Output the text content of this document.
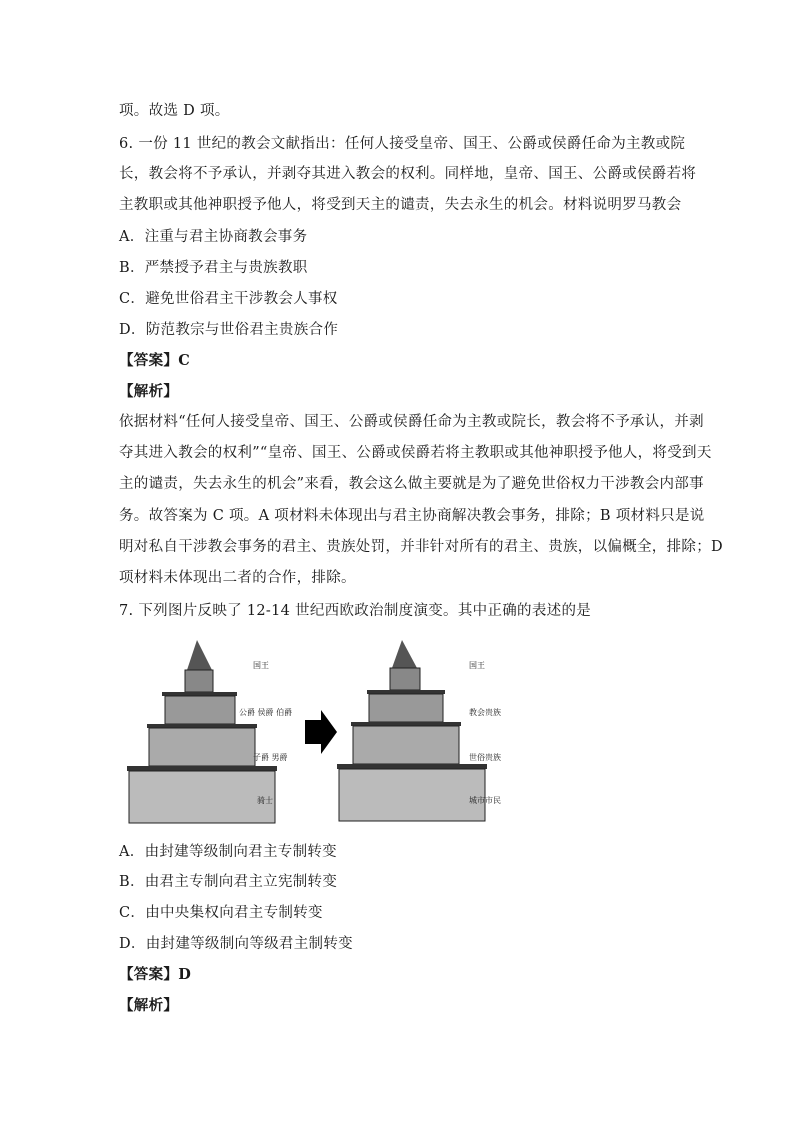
项。故选 D 项。
6. 一份 11 世纪的教会文献指出：任何人接受皇帝、国王、公爵或侯爵任命为主教或院
长，教会将不予承认，并剥夺其进入教会的权利。同样地，皇帝、国王、公爵或侯爵若将
主教职或其他神职授予他人，将受到天主的谴责，失去永生的机会。材料说明罗马教会
A．注重与君主协商教会事务
B．严禁授予君主与贵族教职
C．避免世俗君主干涉教会人事权
D．防范教宗与世俗君主贵族合作
【答案】C
【解析】
依据材料“任何人接受皇帝、国王、公爵或侯爵任命为主教或院长，教会将不予承认，并剥
夺其进入教会的权利”“皇帝、国王、公爵或侯爵若将主教职或其他神职授予他人，将受到天
主的谴责，失去永生的机会”来看，教会这么做主要就是为了避免世俗权力干涉教会内部事
务。故答案为 C 项。A 项材料未体现出与君主协商解决教会事务，排除；B 项材料只是说
明对私自干涉教会事务的君主、贵族处罚，并非针对所有的君主、贵族，以偏概全，排除；D
项材料未体现出二者的合作，排除。
7. 下列图片反映了 12-14 世纪西欧政治制度演变。其中正确的表述的是
国王
公爵 侯爵 伯爵
子爵 男爵
骑士
国王
教会贵族
世俗贵族
城市市民
A．由封建等级制向君主专制转变
B．由君主专制向君主立宪制转变
C．由中央集权向君主专制转变
D．由封建等级制向等级君主制转变
【答案】D
【解析】
